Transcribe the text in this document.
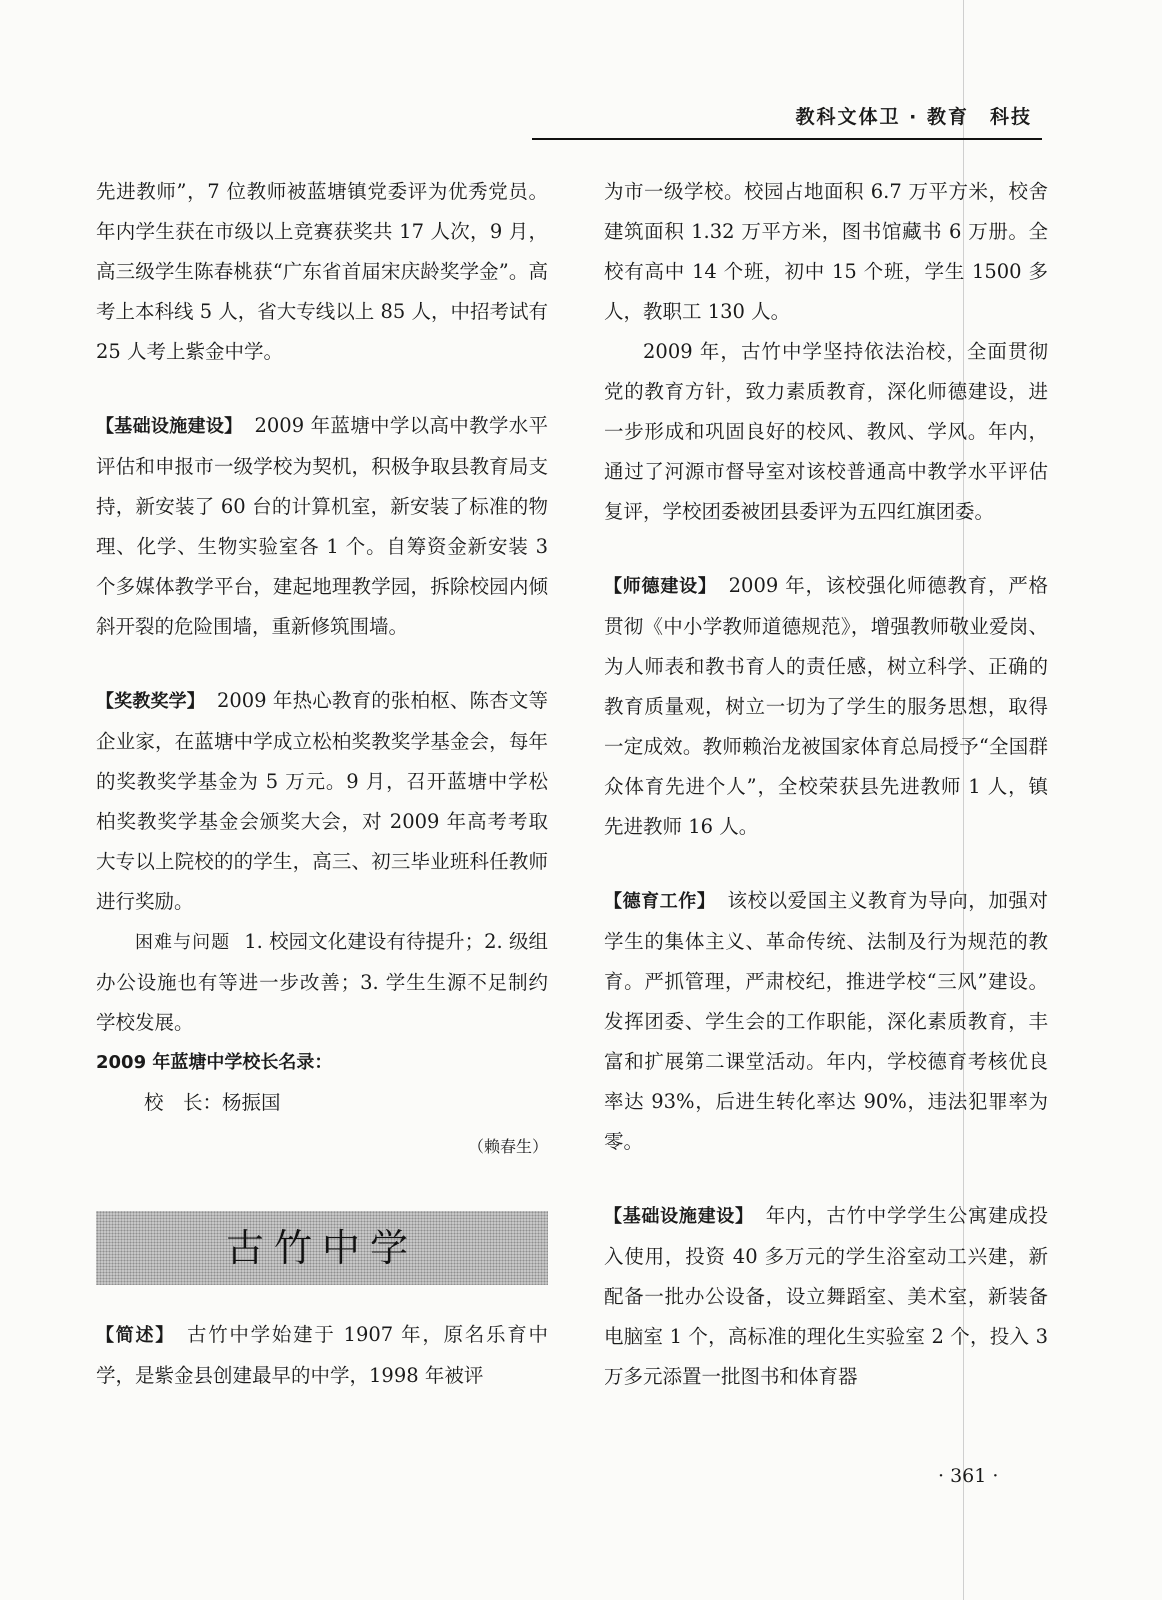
教科文体卫 · 教育　科技

先进教师”，7 位教师被蓝塘镇党委评为优秀党员。年内学生获在市级以上竞赛获奖共 17 人次，9 月，高三级学生陈春桃获“广东省首届宋庆龄奖学金”。高考上本科线 5 人，省大专线以上 85 人，中招考试有 25 人考上紫金中学。

【基础设施建设】 2009 年蓝塘中学以高中教学水平评估和申报市一级学校为契机，积极争取县教育局支持，新安装了 60 台的计算机室，新安装了标准的物理、化学、生物实验室各 1 个。自筹资金新安装 3 个多媒体教学平台，建起地理教学园，拆除校园内倾斜开裂的危险围墙，重新修筑围墙。

【奖教奖学】 2009 年热心教育的张柏枢、陈杏文等企业家，在蓝塘中学成立松柏奖教奖学基金会，每年的奖教奖学基金为 5 万元。9 月，召开蓝塘中学松柏奖教奖学基金会颁奖大会，对 2009 年高考考取大专以上院校的的学生，高三、初三毕业班科任教师进行奖励。

困难与问题 1. 校园文化建设有待提升；2. 级组办公设施也有等进一步改善；3. 学生生源不足制约学校发展。

2009 年蓝塘中学校长名录：

校　长：杨振国

（赖春生）

古竹中学

【简述】 古竹中学始建于 1907 年，原名乐育中学，是紫金县创建最早的中学，1998 年被评

为市一级学校。校园占地面积 6.7 万平方米，校舍建筑面积 1.32 万平方米，图书馆藏书 6 万册。全校有高中 14 个班，初中 15 个班，学生 1500 多人，教职工 130 人。

2009 年，古竹中学坚持依法治校，全面贯彻党的教育方针，致力素质教育，深化师德建设，进一步形成和巩固良好的校风、教风、学风。年内，通过了河源市督导室对该校普通高中教学水平评估复评，学校团委被团县委评为五四红旗团委。

【师德建设】 2009 年，该校强化师德教育，严格贯彻《中小学教师道德规范》，增强教师敬业爱岗、为人师表和教书育人的责任感，树立科学、正确的教育质量观，树立一切为了学生的服务思想，取得一定成效。教师赖治龙被国家体育总局授予“全国群众体育先进个人”，全校荣获县先进教师 1 人，镇先进教师 16 人。

【德育工作】 该校以爱国主义教育为导向，加强对学生的集体主义、革命传统、法制及行为规范的教育。严抓管理，严肃校纪，推进学校“三风”建设。发挥团委、学生会的工作职能，深化素质教育，丰富和扩展第二课堂活动。年内，学校德育考核优良率达 93%，后进生转化率达 90%，违法犯罪率为零。

【基础设施建设】 年内，古竹中学学生公寓建成投入使用，投资 40 多万元的学生浴室动工兴建，新配备一批办公设备，设立舞蹈室、美术室，新装备电脑室 1 个，高标准的理化生实验室 2 个，投入 3 万多元添置一批图书和体育器

· 361 ·
